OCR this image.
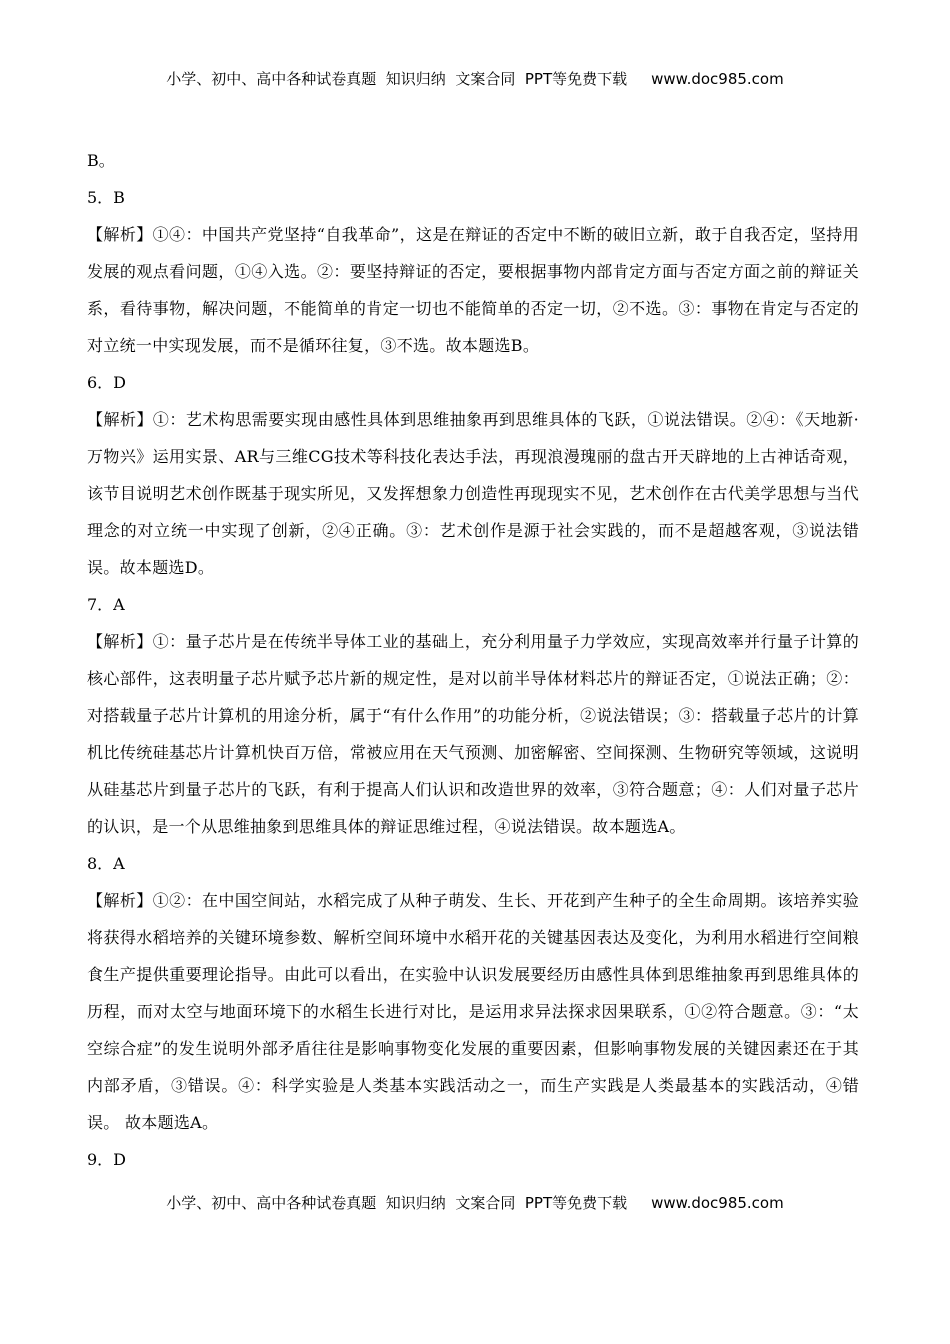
小学、初中、高中各种试卷真题  知识归纳  文案合同  PPT等免费下载 www.doc985.com

B。

5．B

【解析】①④：中国共产党坚持“自我革命”，这是在辩证的否定中不断的破旧立新，敢于自我否定，坚持用发展的观点看问题，①④入选。②：要坚持辩证的否定，要根据事物内部肯定方面与否定方面之前的辩证关系，看待事物，解决问题，不能简单的肯定一切也不能简单的否定一切，②不选。③：事物在肯定与否定的对立统一中实现发展，而不是循环往复，③不选。故本题选B。

6．D

【解析】①：艺术构思需要实现由感性具体到思维抽象再到思维具体的飞跃，①说法错误。②④：《天地新·万物兴》运用实景、AR与三维CG技术等科技化表达手法，再现浪漫瑰丽的盘古开天辟地的上古神话奇观，该节目说明艺术创作既基于现实所见，又发挥想象力创造性再现现实不见，艺术创作在古代美学思想与当代理念的对立统一中实现了创新，②④正确。③：艺术创作是源于社会实践的，而不是超越客观，③说法错误。故本题选D。

7．A

【解析】①：量子芯片是在传统半导体工业的基础上，充分利用量子力学效应，实现高效率并行量子计算的核心部件，这表明量子芯片赋予芯片新的规定性，是对以前半导体材料芯片的辩证否定，①说法正确；②：对搭载量子芯片计算机的用途分析，属于“有什么作用”的功能分析，②说法错误；③：搭载量子芯片的计算机比传统硅基芯片计算机快百万倍，常被应用在天气预测、加密解密、空间探测、生物研究等领域，这说明从硅基芯片到量子芯片的飞跃，有利于提高人们认识和改造世界的效率，③符合题意；④：人们对量子芯片的认识，是一个从思维抽象到思维具体的辩证思维过程，④说法错误。故本题选A。

8．A

【解析】①②：在中国空间站，水稻完成了从种子萌发、生长、开花到产生种子的全生命周期。该培养实验将获得水稻培养的关键环境参数、解析空间环境中水稻开花的关键基因表达及变化，为利用水稻进行空间粮食生产提供重要理论指导。由此可以看出，在实验中认识发展要经历由感性具体到思维抽象再到思维具体的历程，而对太空与地面环境下的水稻生长进行对比，是运用求异法探求因果联系，①②符合题意。③：“太空综合症”的发生说明外部矛盾往往是影响事物变化发展的重要因素，但影响事物发展的关键因素还在于其内部矛盾，③错误。④：科学实验是人类基本实践活动之一，而生产实践是人类最基本的实践活动，④错误。 故本题选A。

9．D

小学、初中、高中各种试卷真题  知识归纳  文案合同  PPT等免费下载 www.doc985.com
